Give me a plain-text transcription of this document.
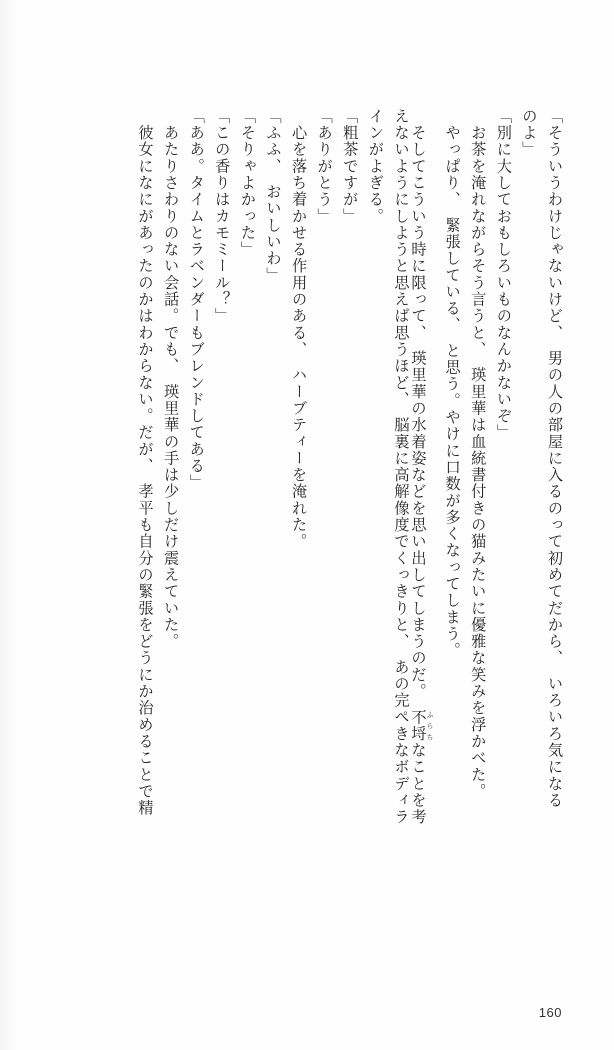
「そういうわけじゃないけど、　男の人の部屋に入るのって初めてだから、　いろいろ気になる
のよ」
「別に大しておもしろいものなんかないぞ」
　お茶を淹れながらそう言うと、　瑛里華は血統書付きの猫みたいに優雅な笑みを浮かべた。
　やっぱり、　緊張している、　と思う。やけに口数が多くなってしまう。
　そしてこういう時に限って、　瑛里華の水着姿などを思い出してしまうのだ。　不埒 ふらちなことを考
えないようにしようと思えば思うほど、　脳裏に高解像度でくっきりと、　あの完ぺきなボディラ
インがよぎる。
「粗茶ですが」
「ありがとう」
　心を落ち着かせる作用のある、　ハーブティーを淹れた。
「ふふ、　おいしいわ」
「そりゃよかった」
「この香りはカモミール？」
「ああ。タイムとラベンダーもブレンドしてある」
　あたりさわりのない会話。でも、　瑛里華の手は少しだけ震えていた。
　彼女になにがあったのかはわからない。だが、　孝平も自分の緊張をどうにか治めることで精
160
